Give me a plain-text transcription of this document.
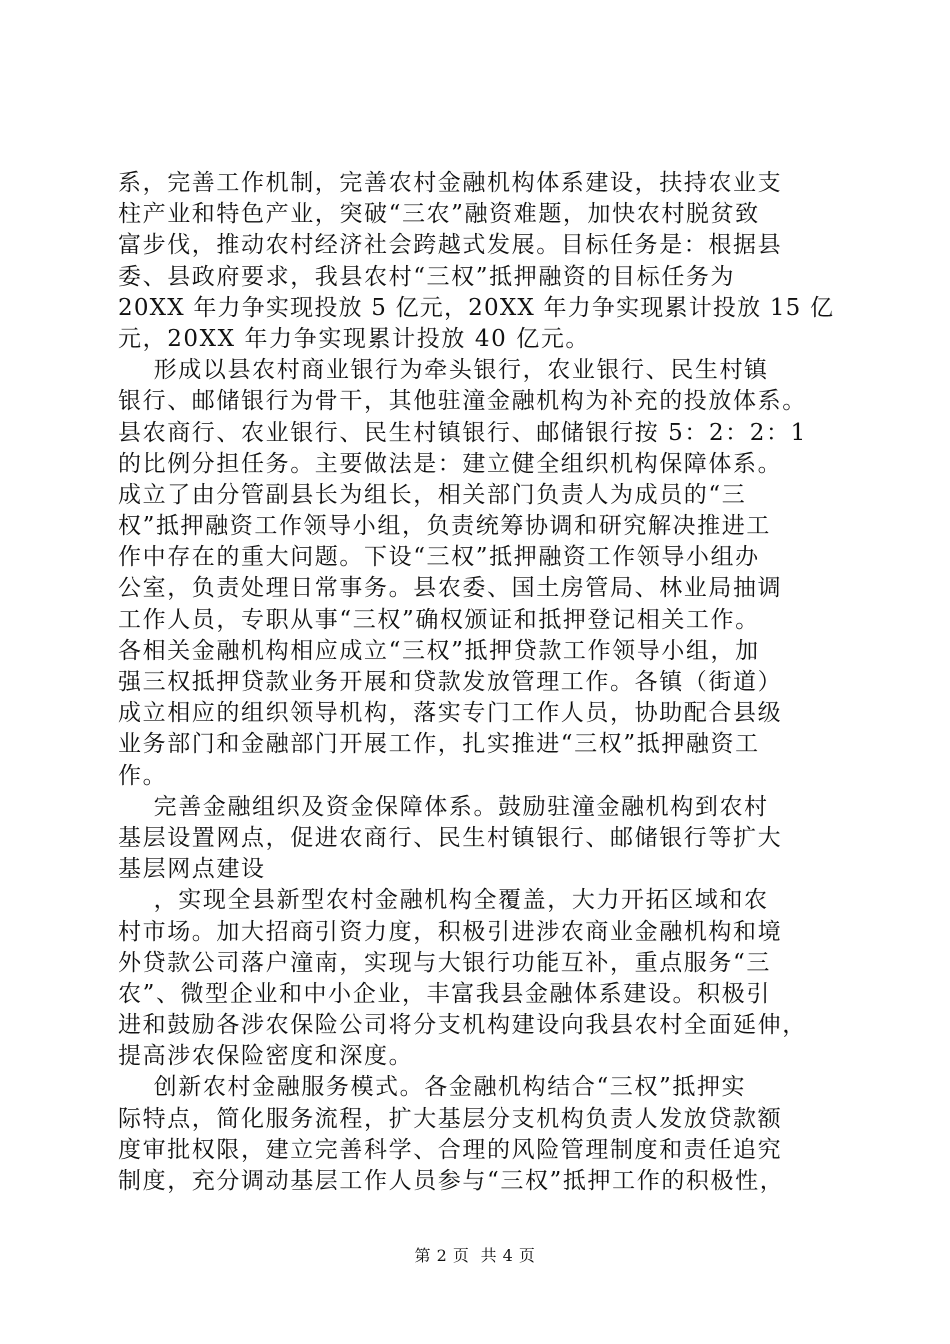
系，完善工作机制，完善农村金融机构体系建设，扶持农业支
柱产业和特色产业，突破“三农”融资难题，加快农村脱贫致
富步伐，推动农村经济社会跨越式发展。目标任务是：根据县
委、县政府要求，我县农村“三权”抵押融资的目标任务为
20XX 年力争实现投放 5 亿元，20XX 年力争实现累计投放 15 亿
元，20XX 年力争实现累计投放 40 亿元。
形成以县农村商业银行为牵头银行，农业银行、民生村镇
银行、邮储银行为骨干，其他驻潼金融机构为补充的投放体系。
县农商行、农业银行、民生村镇银行、邮储银行按 5：2：2：1
的比例分担任务。主要做法是：建立健全组织机构保障体系。
成立了由分管副县长为组长，相关部门负责人为成员的“三
权”抵押融资工作领导小组，负责统筹协调和研究解决推进工
作中存在的重大问题。下设“三权”抵押融资工作领导小组办
公室，负责处理日常事务。县农委、国土房管局、林业局抽调
工作人员，专职从事“三权”确权颁证和抵押登记相关工作。
各相关金融机构相应成立“三权”抵押贷款工作领导小组，加
强三权抵押贷款业务开展和贷款发放管理工作。各镇（街道）
成立相应的组织领导机构，落实专门工作人员，协助配合县级
业务部门和金融部门开展工作，扎实推进“三权”抵押融资工
作。
完善金融组织及资金保障体系。鼓励驻潼金融机构到农村
基层设置网点，促进农商行、民生村镇银行、邮储银行等扩大
基层网点建设
，实现全县新型农村金融机构全覆盖，大力开拓区域和农
村市场。加大招商引资力度，积极引进涉农商业金融机构和境
外贷款公司落户潼南，实现与大银行功能互补，重点服务“三
农”、微型企业和中小企业，丰富我县金融体系建设。积极引
进和鼓励各涉农保险公司将分支机构建设向我县农村全面延伸，
提高涉农保险密度和深度。
创新农村金融服务模式。各金融机构结合“三权”抵押实
际特点，简化服务流程，扩大基层分支机构负责人发放贷款额
度审批权限，建立完善科学、合理的风险管理制度和责任追究
制度，充分调动基层工作人员参与“三权”抵押工作的积极性，
第 2 页  共 4 页
